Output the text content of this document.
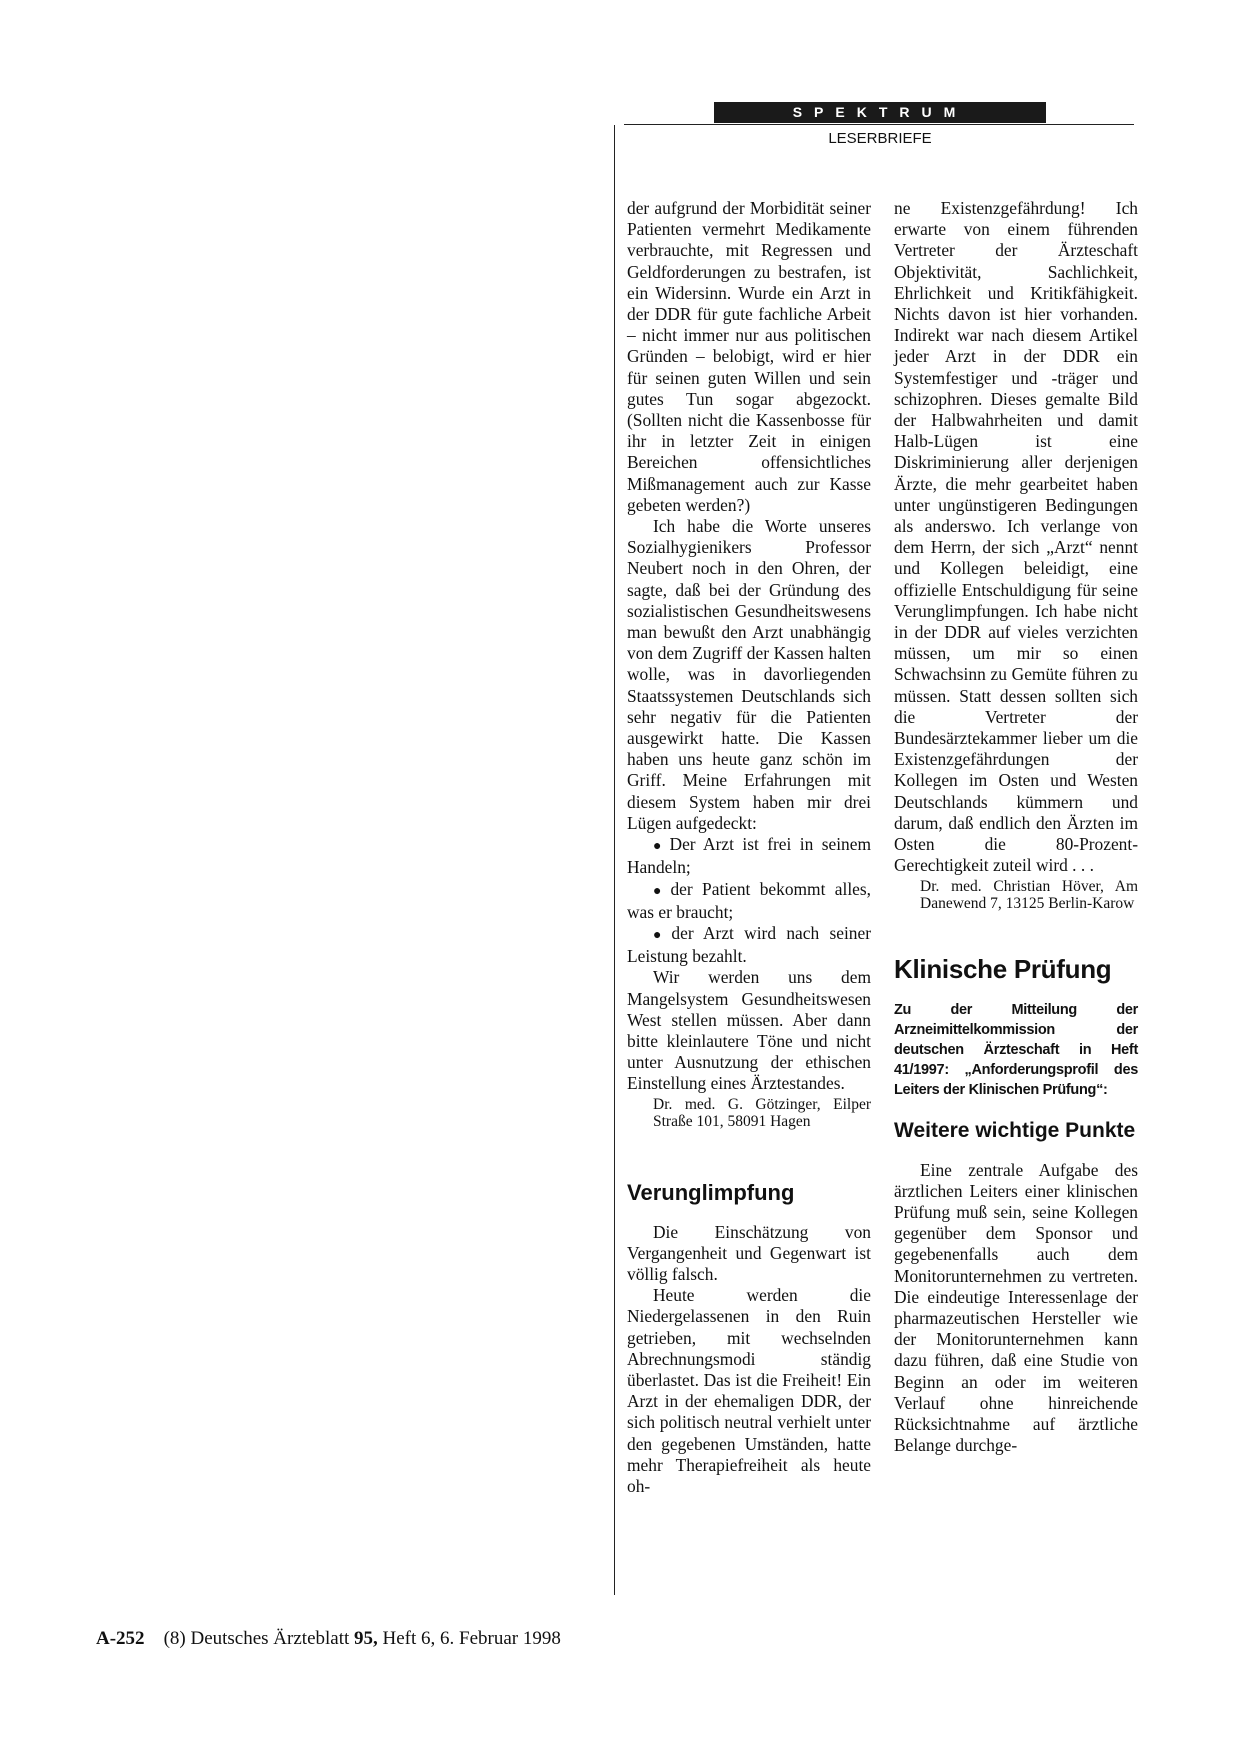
SPEKTRUM
LESERBRIEFE

der aufgrund der Morbidität seiner Patienten vermehrt Medikamente verbrauchte, mit Regressen und Geldforderungen zu bestrafen, ist ein Widersinn. Wurde ein Arzt in der DDR für gute fachliche Arbeit – nicht immer nur aus politischen Gründen – belobigt, wird er hier für seinen guten Willen und sein gutes Tun sogar abgezockt. (Sollten nicht die Kassenbosse für ihr in letzter Zeit in einigen Bereichen offensichtliches Mißmanagement auch zur Kasse gebeten werden?)

Ich habe die Worte unseres Sozialhygienikers Professor Neubert noch in den Ohren, der sagte, daß bei der Gründung des sozialistischen Gesundheitswesens man bewußt den Arzt unabhängig von dem Zugriff der Kassen halten wolle, was in davorliegenden Staatssystemen Deutschlands sich sehr negativ für die Patienten ausgewirkt hatte. Die Kassen haben uns heute ganz schön im Griff. Meine Erfahrungen mit diesem System haben mir drei Lügen aufgedeckt:

● Der Arzt ist frei in seinem Handeln;

● der Patient bekommt alles, was er braucht;

● der Arzt wird nach seiner Leistung bezahlt.

Wir werden uns dem Mangelsystem Gesundheitswesen West stellen müssen. Aber dann bitte kleinlautere Töne und nicht unter Ausnutzung der ethischen Einstellung eines Ärztestandes.

Dr. med. G. Götzinger, Eilper Straße 101, 58091 Hagen

Verunglimpfung

Die Einschätzung von Vergangenheit und Gegenwart ist völlig falsch.

Heute werden die Niedergelassenen in den Ruin getrieben, mit wechselnden Abrechnungsmodi ständig überlastet. Das ist die Freiheit! Ein Arzt in der ehemaligen DDR, der sich politisch neutral verhielt unter den gegebenen Umständen, hatte mehr Therapiefreiheit als heute oh-

ne Existenzgefährdung! Ich erwarte von einem führenden Vertreter der Ärzteschaft Objektivität, Sachlichkeit, Ehrlichkeit und Kritikfähigkeit. Nichts davon ist hier vorhanden. Indirekt war nach diesem Artikel jeder Arzt in der DDR ein Systemfestiger und -träger und schizophren. Dieses gemalte Bild der Halbwahrheiten und damit Halb-Lügen ist eine Diskriminierung aller derjenigen Ärzte, die mehr gearbeitet haben unter ungünstigeren Bedingungen als anderswo. Ich verlange von dem Herrn, der sich „Arzt“ nennt und Kollegen beleidigt, eine offizielle Entschuldigung für seine Verunglimpfungen. Ich habe nicht in der DDR auf vieles verzichten müssen, um mir so einen Schwachsinn zu Gemüte führen zu müssen. Statt dessen sollten sich die Vertreter der Bundesärztekammer lieber um die Existenzgefährdungen der Kollegen im Osten und Westen Deutschlands kümmern und darum, daß endlich den Ärzten im Osten die 80-Prozent-Gerechtigkeit zuteil wird . . .

Dr. med. Christian Höver, Am Danewend 7, 13125 Berlin-Karow

Klinische Prüfung

Zu der Mitteilung der Arzneimittelkommission der deutschen Ärzteschaft in Heft 41/1997: „Anforderungsprofil des Leiters der Klinischen Prüfung“:

Weitere wichtige Punkte

Eine zentrale Aufgabe des ärztlichen Leiters einer klinischen Prüfung muß sein, seine Kollegen gegenüber dem Sponsor und gegebenenfalls auch dem Monitorunternehmen zu vertreten. Die eindeutige Interessenlage der pharmazeutischen Hersteller wie der Monitorunternehmen kann dazu führen, daß eine Studie von Beginn an oder im weiteren Verlauf ohne hinreichende Rücksichtnahme auf ärztliche Belange durchge-

A-252 (8) Deutsches Ärzteblatt 95, Heft 6, 6. Februar 1998
